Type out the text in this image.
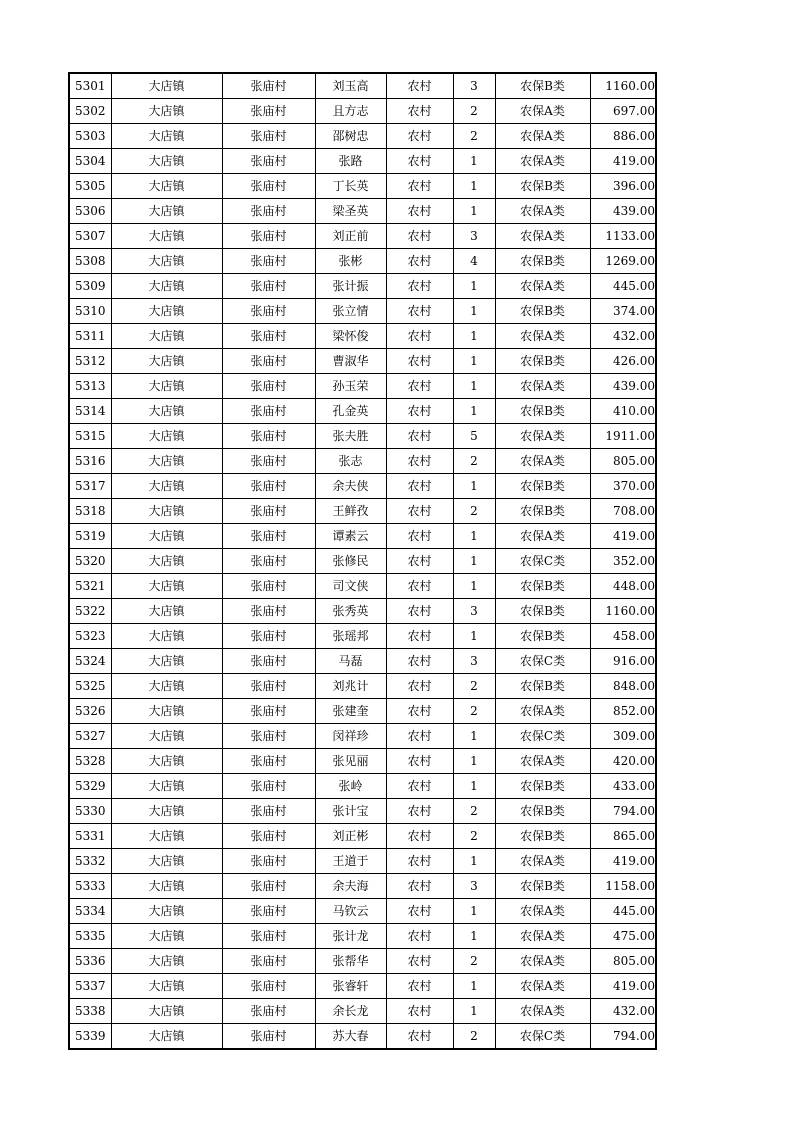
5301	大店镇	张庙村	刘玉高	农村	3	农保B类	1160.00
5302	大店镇	张庙村	且方志	农村	2	农保A类	697.00
5303	大店镇	张庙村	邵树忠	农村	2	农保A类	886.00
5304	大店镇	张庙村	张路	农村	1	农保A类	419.00
5305	大店镇	张庙村	丁长英	农村	1	农保B类	396.00
5306	大店镇	张庙村	梁圣英	农村	1	农保A类	439.00
5307	大店镇	张庙村	刘正前	农村	3	农保A类	1133.00
5308	大店镇	张庙村	张彬	农村	4	农保B类	1269.00
5309	大店镇	张庙村	张计振	农村	1	农保A类	445.00
5310	大店镇	张庙村	张立情	农村	1	农保B类	374.00
5311	大店镇	张庙村	梁怀俊	农村	1	农保A类	432.00
5312	大店镇	张庙村	曹淑华	农村	1	农保B类	426.00
5313	大店镇	张庙村	孙玉荣	农村	1	农保A类	439.00
5314	大店镇	张庙村	孔金英	农村	1	农保B类	410.00
5315	大店镇	张庙村	张夫胜	农村	5	农保A类	1911.00
5316	大店镇	张庙村	张志	农村	2	农保A类	805.00
5317	大店镇	张庙村	余夫侠	农村	1	农保B类	370.00
5318	大店镇	张庙村	王鲜孜	农村	2	农保B类	708.00
5319	大店镇	张庙村	谭素云	农村	1	农保A类	419.00
5320	大店镇	张庙村	张修民	农村	1	农保C类	352.00
5321	大店镇	张庙村	司文侠	农村	1	农保B类	448.00
5322	大店镇	张庙村	张秀英	农村	3	农保B类	1160.00
5323	大店镇	张庙村	张瑶邦	农村	1	农保B类	458.00
5324	大店镇	张庙村	马磊	农村	3	农保C类	916.00
5325	大店镇	张庙村	刘兆计	农村	2	农保B类	848.00
5326	大店镇	张庙村	张建奎	农村	2	农保A类	852.00
5327	大店镇	张庙村	闵祥珍	农村	1	农保C类	309.00
5328	大店镇	张庙村	张见丽	农村	1	农保A类	420.00
5329	大店镇	张庙村	张岭	农村	1	农保B类	433.00
5330	大店镇	张庙村	张计宝	农村	2	农保B类	794.00
5331	大店镇	张庙村	刘正彬	农村	2	农保B类	865.00
5332	大店镇	张庙村	王道于	农村	1	农保A类	419.00
5333	大店镇	张庙村	余夫海	农村	3	农保B类	1158.00
5334	大店镇	张庙村	马钦云	农村	1	农保A类	445.00
5335	大店镇	张庙村	张计龙	农村	1	农保A类	475.00
5336	大店镇	张庙村	张帮华	农村	2	农保A类	805.00
5337	大店镇	张庙村	张睿轩	农村	1	农保A类	419.00
5338	大店镇	张庙村	余长龙	农村	1	农保A类	432.00
5339	大店镇	张庙村	苏大春	农村	2	农保C类	794.00
